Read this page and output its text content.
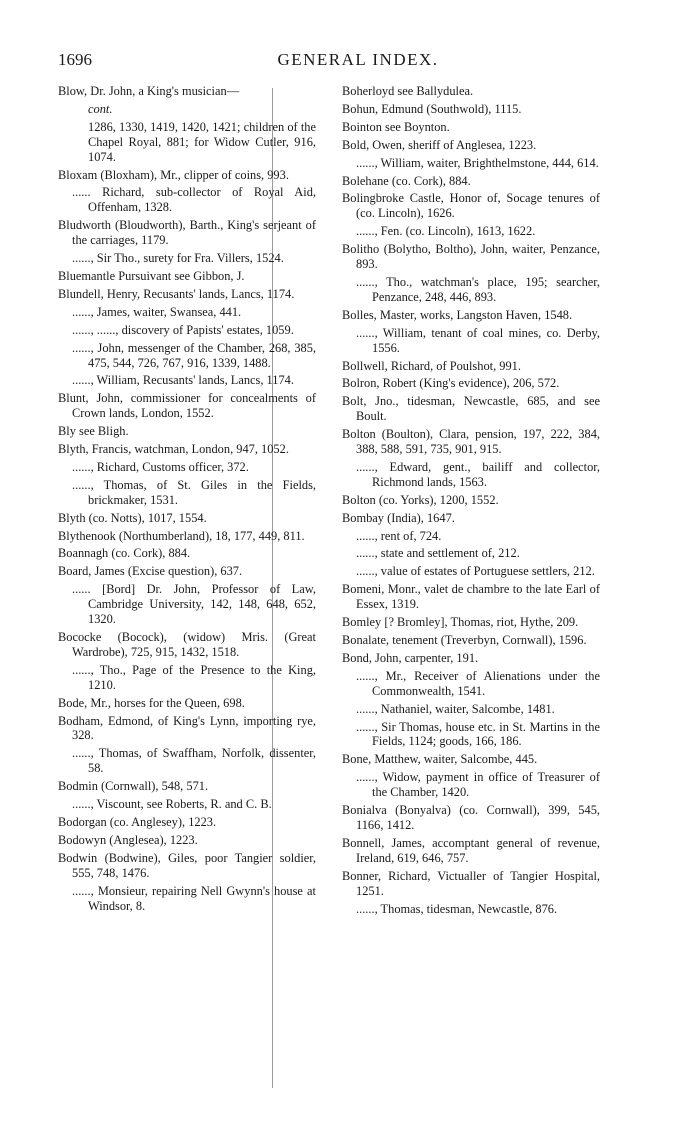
1696	GENERAL INDEX.
Blow, Dr. John, a King's musician—
cont.
1286, 1330, 1419, 1420, 1421; children of the Chapel Royal, 881; for Widow Cutler, 916, 1074.
Bloxam (Bloxham), Mr., clipper of coins, 993.
...... Richard, sub-collector of Royal Aid, Offenham, 1328.
Bludworth (Bloudworth), Barth., King's serjeant of the carriages, 1179.
......, Sir Tho., surety for Fra. Villers, 1524.
Bluemantle Pursuivant see Gibbon, J.
Blundell, Henry, Recusants' lands, Lancs, 1174.
......, James, waiter, Swansea, 441.
......, ......, discovery of Papists' estates, 1059.
......, John, messenger of the Chamber, 268, 385, 475, 544, 726, 767, 916, 1339, 1488.
......, William, Recusants' lands, Lancs, 1174.
Blunt, John, commissioner for concealments of Crown lands, London, 1552.
Bly see Bligh.
Blyth, Francis, watchman, London, 947, 1052.
......, Richard, Customs officer, 372.
......, Thomas, of St. Giles in the Fields, brickmaker, 1531.
Blyth (co. Notts), 1017, 1554.
Blythenook (Northumberland), 18, 177, 449, 811.
Boannagh (co. Cork), 884.
Board, James (Excise question), 637.
...... [Bord] Dr. John, Professor of Law, Cambridge University, 142, 148, 648, 652, 1320.
Bococke (Bocock), (widow) Mris. (Great Wardrobe), 725, 915, 1432, 1518.
......, Tho., Page of the Presence to the King, 1210.
Bode, Mr., horses for the Queen, 698.
Bodham, Edmond, of King's Lynn, importing rye, 328.
......, Thomas, of Swaffham, Norfolk, dissenter, 58.
Bodmin (Cornwall), 548, 571.
......, Viscount, see Roberts, R. and C. B.
Bodorgan (co. Anglesey), 1223.
Bodowyn (Anglesea), 1223.
Bodwin (Bodwine), Giles, poor Tangier soldier, 555, 748, 1476.
......, Monsieur, repairing Nell Gwynn's house at Windsor, 8.
Boherloyd see Ballydulea.
Bohun, Edmund (Southwold), 1115.
Bointon see Boynton.
Bold, Owen, sheriff of Anglesea, 1223.
......, William, waiter, Brighthelmstone, 444, 614.
Bolehane (co. Cork), 884.
Bolingbroke Castle, Honor of, Socage tenures of (co. Lincoln), 1626.
......, Fen. (co. Lincoln), 1613, 1622.
Bolitho (Bolytho, Boltho), John, waiter, Penzance, 893.
......, Tho., watchman's place, 195; searcher, Penzance, 248, 446, 893.
Bolles, Master, works, Langston Haven, 1548.
......, William, tenant of coal mines, co. Derby, 1556.
Bollwell, Richard, of Poulshot, 991.
Bolron, Robert (King's evidence), 206, 572.
Bolt, Jno., tidesman, Newcastle, 685, and see Boult.
Bolton (Boulton), Clara, pension, 197, 222, 384, 388, 588, 591, 735, 901, 915.
......, Edward, gent., bailiff and collector, Richmond lands, 1563.
Bolton (co. Yorks), 1200, 1552.
Bombay (India), 1647.
......, rent of, 724.
......, state and settlement of, 212.
......, value of estates of Portuguese settlers, 212.
Bomeni, Monr., valet de chambre to the late Earl of Essex, 1319.
Bomley [? Bromley], Thomas, riot, Hythe, 209.
Bonalate, tenement (Treverbyn, Cornwall), 1596.
Bond, John, carpenter, 191.
......, Mr., Receiver of Alienations under the Commonwealth, 1541.
......, Nathaniel, waiter, Salcombe, 1481.
......, Sir Thomas, house etc. in St. Martins in the Fields, 1124; goods, 166, 186.
Bone, Matthew, waiter, Salcombe, 445.
......, Widow, payment in office of Treasurer of the Chamber, 1420.
Bonialva (Bonyalva) (co. Cornwall), 399, 545, 1166, 1412.
Bonnell, James, accomptant general of revenue, Ireland, 619, 646, 757.
Bonner, Richard, Victualler of Tangier Hospital, 1251.
......, Thomas, tidesman, Newcastle, 876.
